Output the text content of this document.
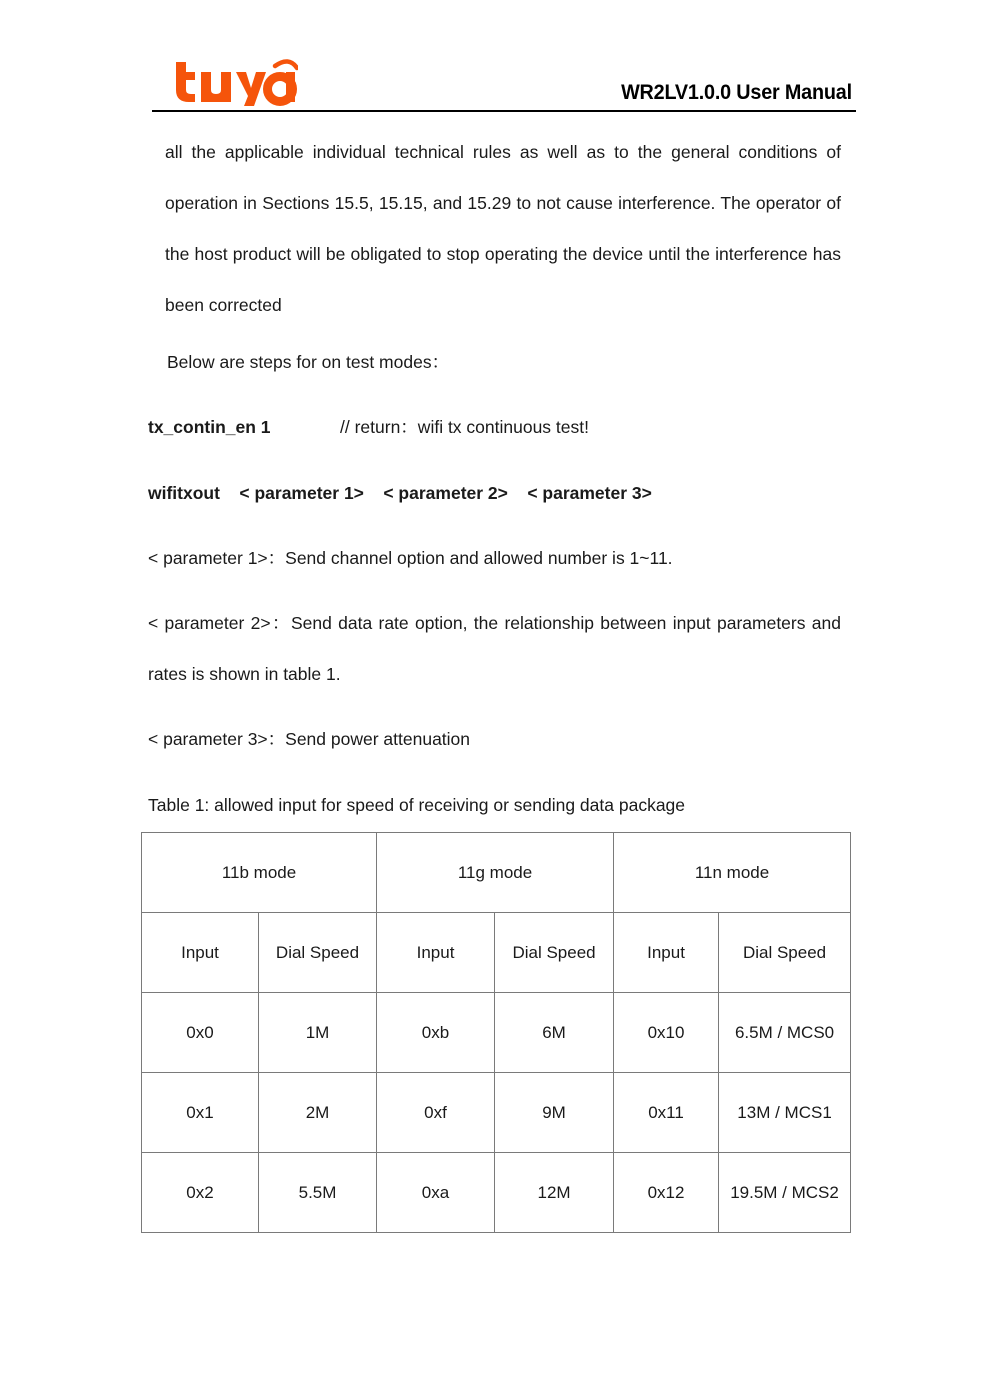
WR2LV1.0.0 User Manual
all the applicable individual technical rules as well as to the general conditions of operation in Sections 15.5, 15.15, and 15.29 to not cause interference. The operator of the host product will be obligated to stop operating the device until the interference has been corrected
Below are steps for on test modes：
tx_contin_en 1	// return：wifi tx continuous test!
wifitxout    < parameter 1>    < parameter 2>    < parameter 3>
< parameter 1>：Send channel option and allowed number is 1~11.
< parameter 2>：Send data rate option, the relationship between input parameters and rates is shown in table 1.
< parameter 3>：Send power attenuation
Table 1: allowed input for speed of receiving or sending data package
11b mode		11g mode		11n mode	
Input	Dial Speed	Input	Dial Speed	Input	Dial Speed
0x0	1M	0xb	6M	0x10	6.5M / MCS0
0x1	2M	0xf	9M	0x11	13M / MCS1
0x2	5.5M	0xa	12M	0x12	19.5M / MCS2
